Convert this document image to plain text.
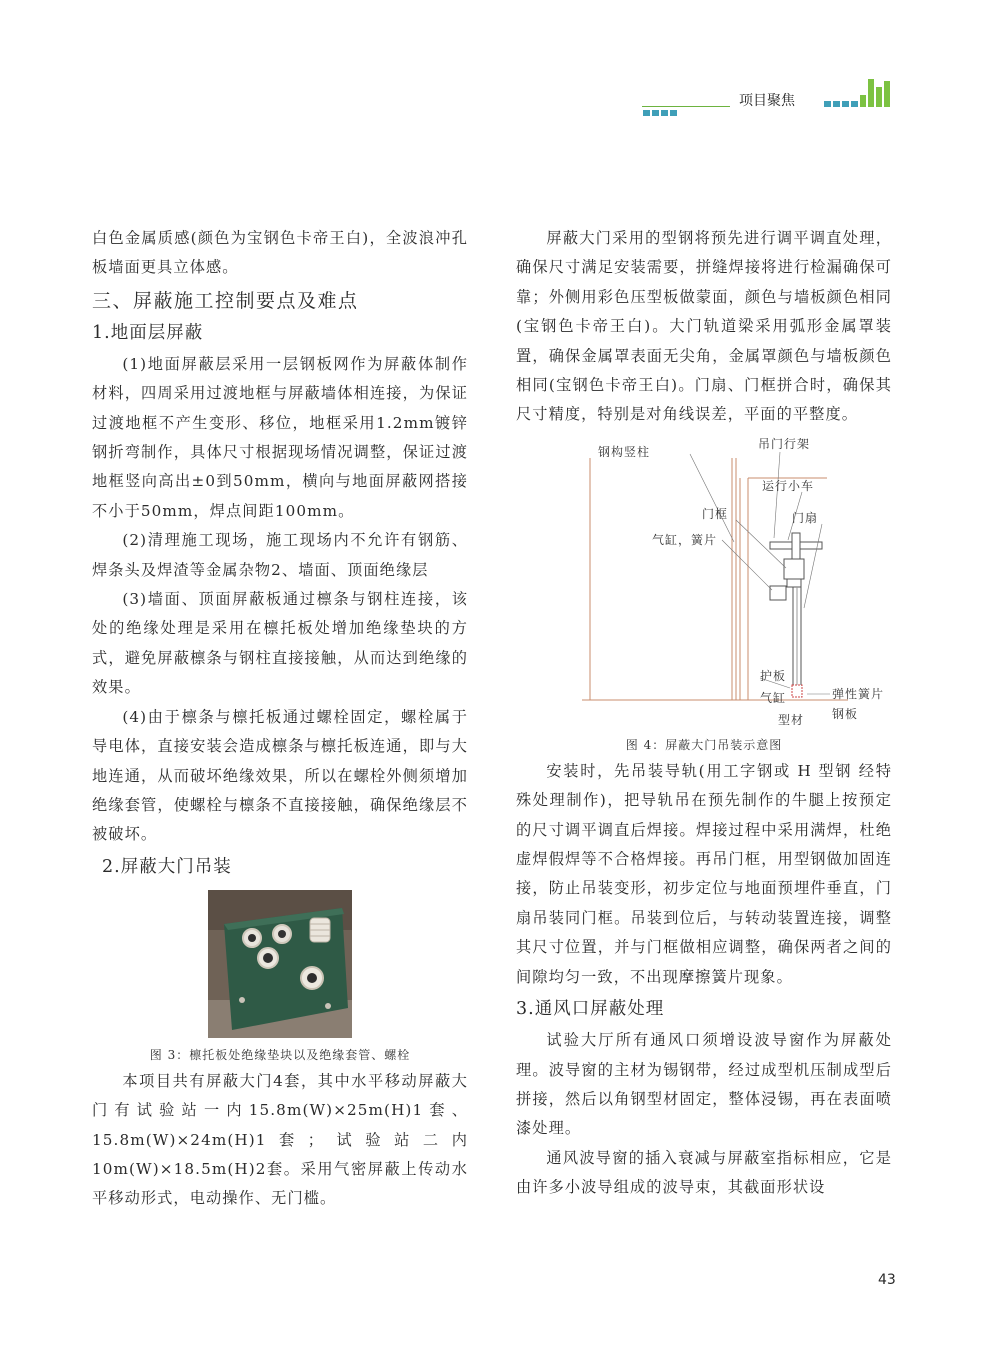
项目聚焦

白色金属质感(颜色为宝钢色卡帝王白)，全波浪冲孔板墙面更具立体感。

三、屏蔽施工控制要点及难点
1.地面层屏蔽

(1)地面屏蔽层采用一层钢板网作为屏蔽体制作材料，四周采用过渡地框与屏蔽墙体相连接，为保证过渡地框不产生变形、移位，地框采用1.2mm镀锌钢折弯制作，具体尺寸根据现场情况调整，保证过渡地框竖向高出±0到50mm，横向与地面屏蔽网搭接不小于50mm，焊点间距100mm。

(2)清理施工现场，施工现场内不允许有钢筋、焊条头及焊渣等金属杂物2、墙面、顶面绝缘层

(3)墙面、顶面屏蔽板通过檩条与钢柱连接，该处的绝缘处理是采用在檩托板处增加绝缘垫块的方式，避免屏蔽檩条与钢柱直接接触，从而达到绝缘的效果。

(4)由于檩条与檩托板通过螺栓固定，螺栓属于导电体，直接安装会造成檩条与檩托板连通，即与大地连通，从而破坏绝缘效果，所以在螺栓外侧须增加绝缘套管，使螺栓与檩条不直接接触，确保绝缘层不被破坏。

2.屏蔽大门吊装
图 3：檩托板处绝缘垫块以及绝缘套管、螺栓

本项目共有屏蔽大门4套，其中水平移动屏蔽大门有试验站一内15.8m(W)×25m(H)1套、15.8m(W)×24m(H)1套；试验站二内10m(W)×18.5m(H)2套。采用气密屏蔽上传动水平移动形式，电动操作、无门槛。

屏蔽大门采用的型钢将预先进行调平调直处理，确保尺寸满足安装需要，拼缝焊接将进行检漏确保可靠；外侧用彩色压型板做蒙面，颜色与墙板颜色相同(宝钢色卡帝王白)。大门轨道梁采用弧形金属罩装置，确保金属罩表面无尖角，金属罩颜色与墙板颜色相同(宝钢色卡帝王白)。门扇、门框拼合时，确保其尺寸精度，特别是对角线误差，平面的平整度。

钢构竖柱
吊门行架
运行小车
门框	门扇
气缸，簧片
护板
气缸
型材
弹性簧片
钢板
图 4：屏蔽大门吊装示意图

安装时，先吊装导轨(用工字钢或 H 型钢 经特殊处理制作)，把导轨吊在预先制作的牛腿上按预定的尺寸调平调直后焊接。焊接过程中采用满焊，杜绝虚焊假焊等不合格焊接。再吊门框，用型钢做加固连接，防止吊装变形，初步定位与地面预埋件垂直，门扇吊装同门框。吊装到位后，与转动装置连接，调整其尺寸位置，并与门框做相应调整，确保两者之间的间隙均匀一致，不出现摩擦簧片现象。

3.通风口屏蔽处理

试验大厅所有通风口须增设波导窗作为屏蔽处理。波导窗的主材为锡钢带，经过成型机压制成型后拼接，然后以角钢型材固定，整体浸锡，再在表面喷漆处理。

通风波导窗的插入衰减与屏蔽室指标相应，它是由许多小波导组成的波导束，其截面形状设

43
